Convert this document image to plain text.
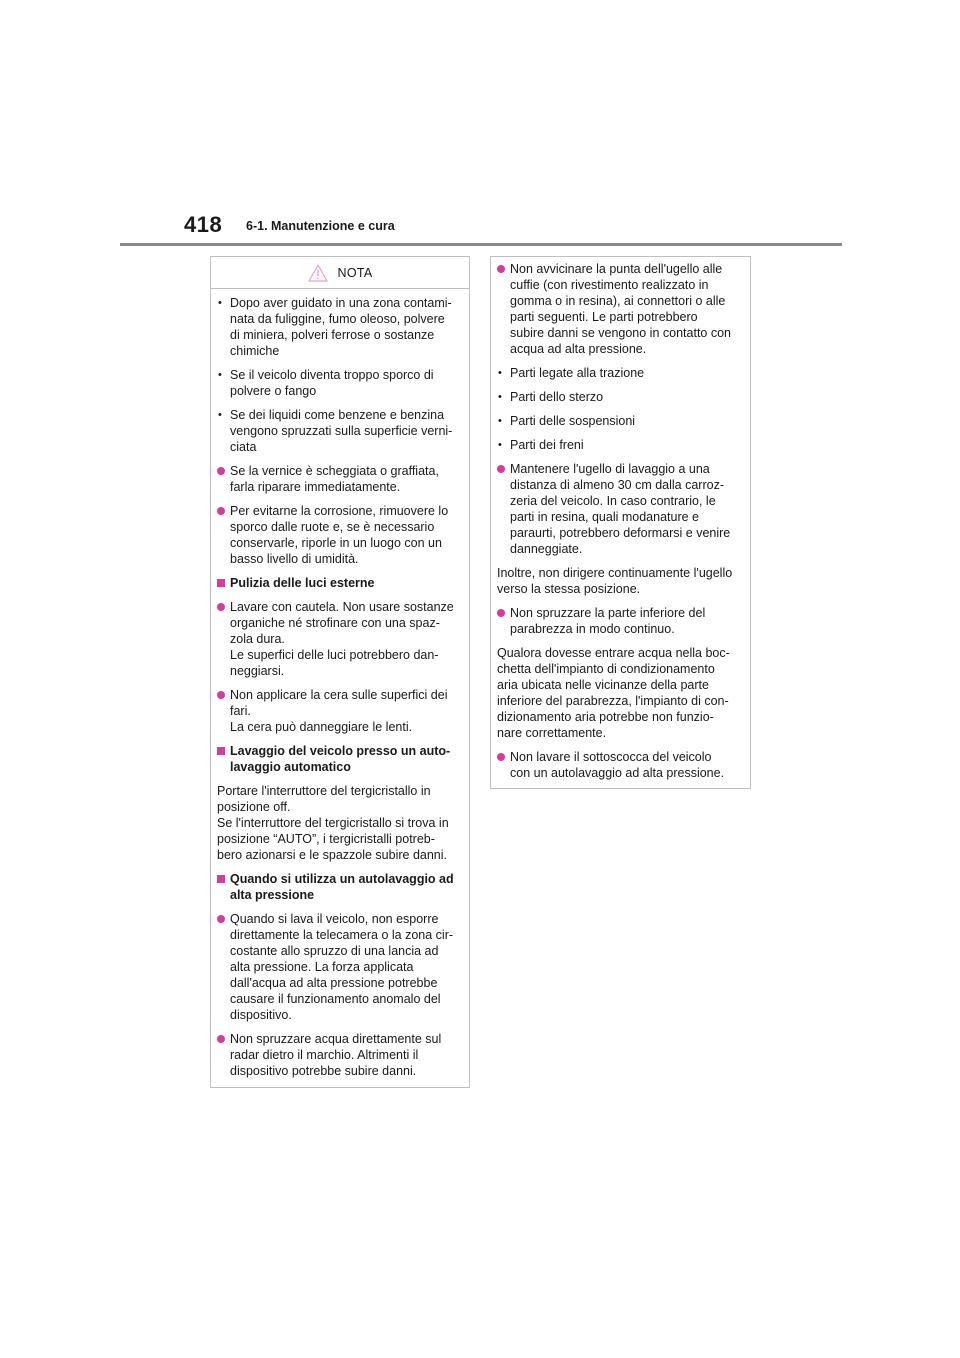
418 6-1. Manutenzione e cura
NOTA
• Dopo aver guidato in una zona contami-
nata da fuliggine, fumo oleoso, polvere
di miniera, polveri ferrose o sostanze
chimiche
• Se il veicolo diventa troppo sporco di
polvere o fango
• Se dei liquidi come benzene e benzina
vengono spruzzati sulla superficie verni-
ciata
Se la vernice è scheggiata o graffiata,
farla riparare immediatamente.
Per evitarne la corrosione, rimuovere lo
sporco dalle ruote e, se è necessario
conservarle, riporle in un luogo con un
basso livello di umidità.
Pulizia delle luci esterne
Lavare con cautela. Non usare sostanze
organiche né strofinare con una spaz-
zola dura.
Le superfici delle luci potrebbero dan-
neggiarsi.
Non applicare la cera sulle superfici dei
fari.
La cera può danneggiare le lenti.
Lavaggio del veicolo presso un auto-
lavaggio automatico
Portare l'interruttore del tergicristallo in
posizione off.
Se l'interruttore del tergicristallo si trova in
posizione “AUTO”, i tergicristalli potreb-
bero azionarsi e le spazzole subire danni.
Quando si utilizza un autolavaggio ad
alta pressione
Quando si lava il veicolo, non esporre
direttamente la telecamera o la zona cir-
costante allo spruzzo di una lancia ad
alta pressione. La forza applicata
dall'acqua ad alta pressione potrebbe
causare il funzionamento anomalo del
dispositivo.
Non spruzzare acqua direttamente sul
radar dietro il marchio. Altrimenti il
dispositivo potrebbe subire danni.
Non avvicinare la punta dell'ugello alle
cuffie (con rivestimento realizzato in
gomma o in resina), ai connettori o alle
parti seguenti. Le parti potrebbero
subire danni se vengono in contatto con
acqua ad alta pressione.
• Parti legate alla trazione
• Parti dello sterzo
• Parti delle sospensioni
• Parti dei freni
Mantenere l'ugello di lavaggio a una
distanza di almeno 30 cm dalla carroz-
zeria del veicolo. In caso contrario, le
parti in resina, quali modanature e
paraurti, potrebbero deformarsi e venire
danneggiate.
Inoltre, non dirigere continuamente l'ugello
verso la stessa posizione.
Non spruzzare la parte inferiore del
parabrezza in modo continuo.
Qualora dovesse entrare acqua nella boc-
chetta dell'impianto di condizionamento
aria ubicata nelle vicinanze della parte
inferiore del parabrezza, l'impianto di con-
dizionamento aria potrebbe non funzio-
nare correttamente.
Non lavare il sottoscocca del veicolo
con un autolavaggio ad alta pressione.
